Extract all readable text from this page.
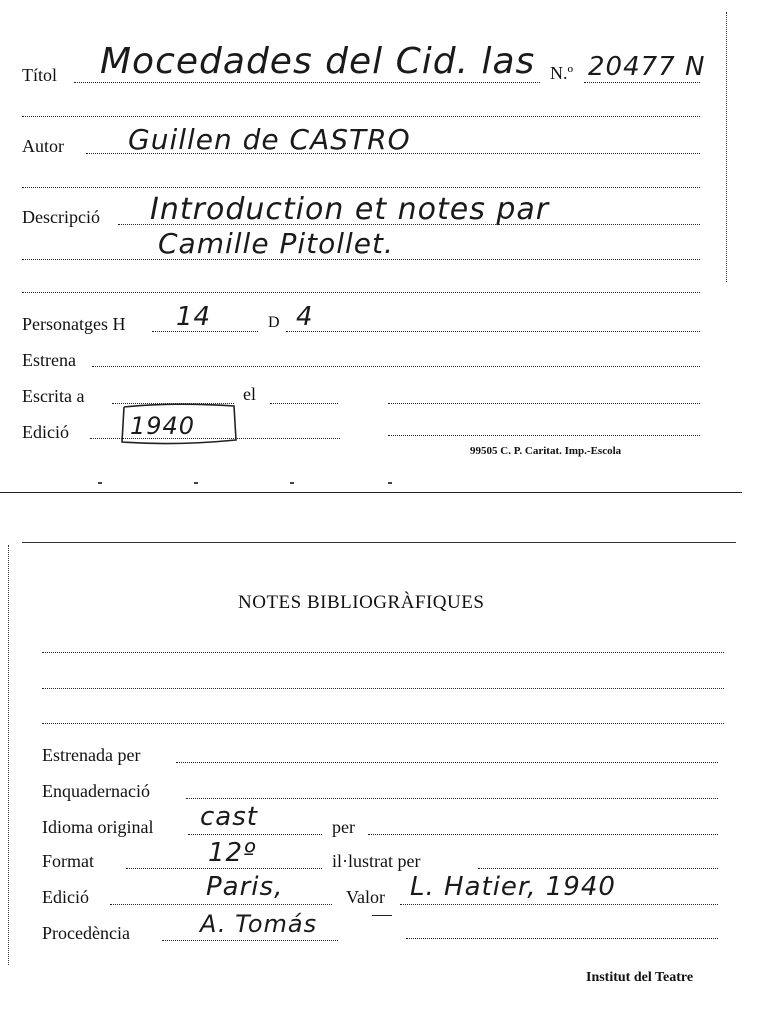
Títol Mocedades del Cid. las N.º 20477 N
Autor Guillen de CASTRO
Descripció Introduction et notes par
Camille Pitollet.
Personatges H 14	D 4
Estrena
Escrita a	el
Edició	1940
99505 C. P. Caritat. Imp.-Escola
NOTES BIBLIOGRÀFIQUES
Estrenada per
Enquadernació
Idioma original cast	per
Format	12º	il·lustrat per
Edició	Paris,	Valor L. Hatier, 1940
Procedència	A. Tomás
Institut del Teatre
